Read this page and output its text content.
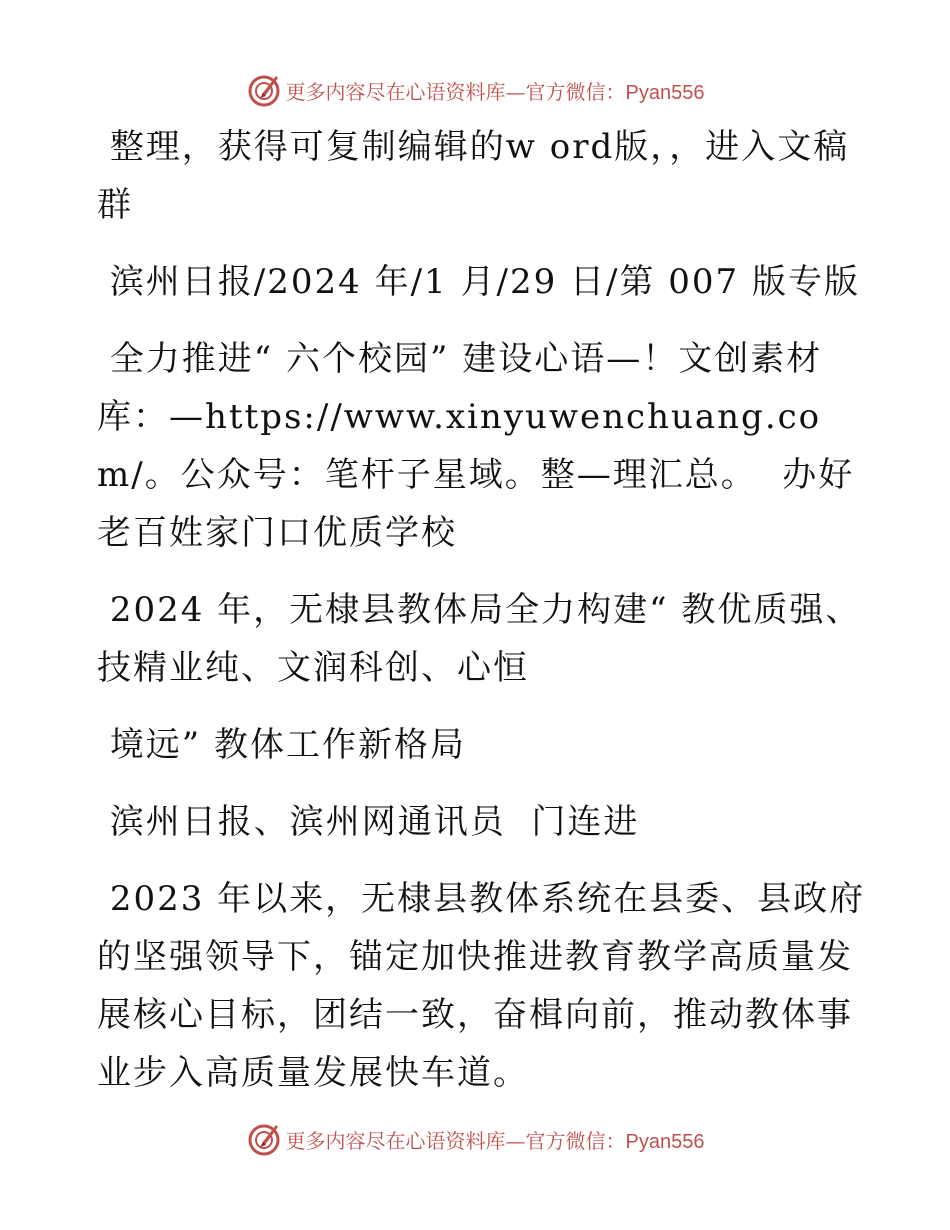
更多内容尽在心语资料库—官方微信：Pyan556

整理，获得可复制编辑的w ord版，，进入文稿群

滨州日报/2024 年/1 月/29 日/第 007 版专版

全力推进“ 六个校园” 建设心语—！文创素材库：—https://www.xinyuwenchuang.com/。公众号：笔杆子星域。整—理汇总。  办好老百姓家门口优质学校

2024 年，无棣县教体局全力构建“ 教优质强、技精业纯、文润科创、心恒

境远” 教体工作新格局

滨州日报、滨州网通讯员  门连进

2023 年以来，无棣县教体系统在县委、县政府的坚强领导下，锚定加快推进教育教学高质量发展核心目标，团结一致，奋楫向前，推动教体事业步入高质量发展快车道。

更多内容尽在心语资料库—官方微信：Pyan556
